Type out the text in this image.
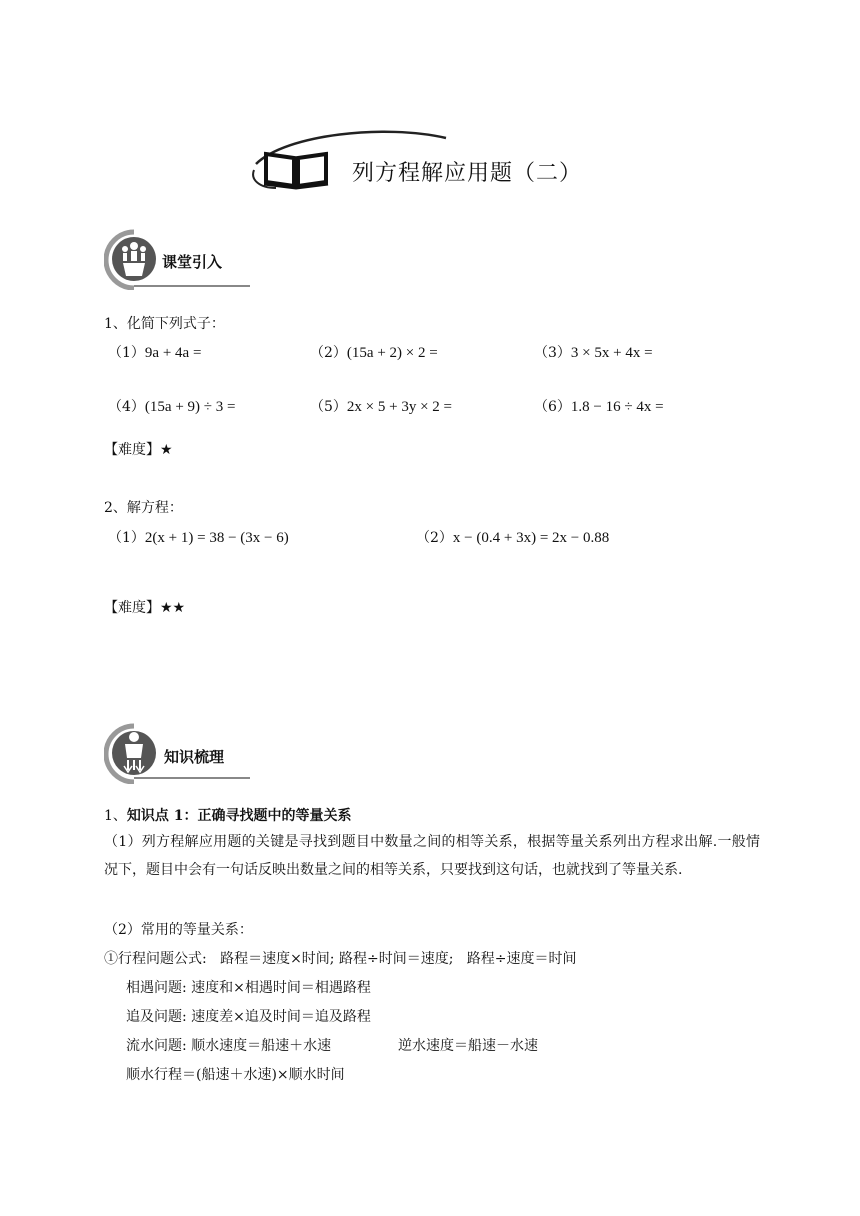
列方程解应用题（二）
课堂引入
1、化简下列式子：
（1）9a + 4a =	（2）(15a + 2) × 2 =	（3）3 × 5x + 4x =
（4）(15a + 9) ÷ 3 =	（5）2x × 5 + 3y × 2 =	（6）1.8 − 16 ÷ 4x =
【难度】★
2、解方程：
（1）2(x + 1) = 38 − (3x − 6)	（2）x − (0.4 + 3x) = 2x − 0.88
【难度】★★
知识梳理
1、知识点 1：正确寻找题中的等量关系
（1）列方程解应用题的关键是寻找到题目中数量之间的相等关系，根据等量关系列出方程求出解.一般情况下，题目中会有一句话反映出数量之间的相等关系，只要找到这句话，也就找到了等量关系.
（2）常用的等量关系：
①行程问题公式:   路程＝速度×时间; 路程÷时间＝速度;   路程÷速度＝时间
相遇问题: 速度和×相遇时间＝相遇路程
追及问题: 速度差×追及时间＝追及路程
流水问题: 顺水速度＝船速＋水速	逆水速度＝船速－水速
顺水行程＝(船速＋水速)×顺水时间
